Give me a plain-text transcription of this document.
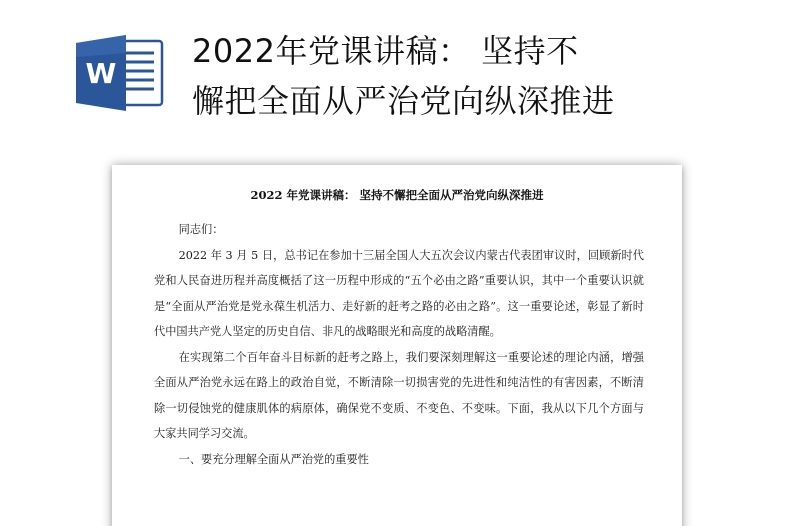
W
2022年党课讲稿： 坚持不
懈把全面从严治党向纵深推进
2022 年党课讲稿： 坚持不懈把全面从严治党向纵深推进

同志们：

2022 年 3 月 5 日，总书记在参加十三届全国人大五次会议内蒙古代表团审议时，回顾新时代党和人民奋进历程并高度概括了这一历程中形成的“五个必由之路”重要认识，其中一个重要认识就是“全面从严治党是党永葆生机活力、走好新的赶考之路的必由之路”。这一重要论述，彰显了新时代中国共产党人坚定的历史自信、非凡的战略眼光和高度的战略清醒。

在实现第二个百年奋斗目标新的赶考之路上，我们要深刻理解这一重要论述的理论内涵，增强全面从严治党永远在路上的政治自觉，不断清除一切损害党的先进性和纯洁性的有害因素，不断清除一切侵蚀党的健康肌体的病原体，确保党不变质、不变色、不变味。下面，我从以下几个方面与大家共同学习交流。

一、要充分理解全面从严治党的重要性
